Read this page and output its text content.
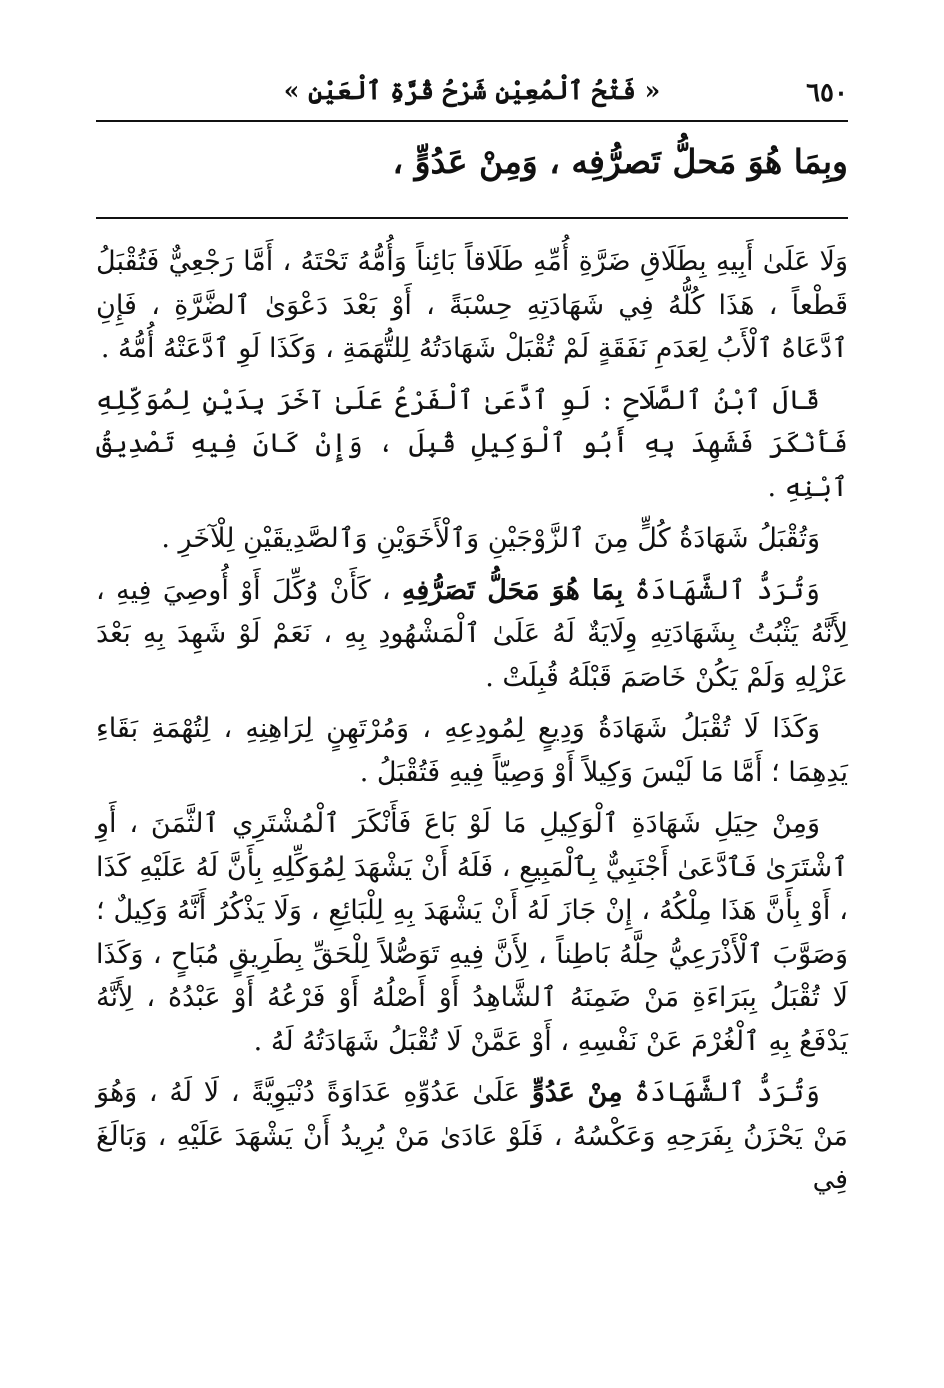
٦٥٠
« فَتْحُ ٱلْمُعِيْنِ شَرْحُ قُرَّةِ ٱلْعَيْنِ »
وبِمَا هُوَ مَحلُّ تَصرُّفِه ، وَمِنْ عَدُوٍّ ،

وَلَا عَلَىٰ أَبِيهِ بِطَلَاقِ ضَرَّةِ أُمِّهِ طَلَاقاً بَائِناً وَأُمُّهُ تَحْتَهُ ، أَمَّا رَجْعِيٌّ فَتُقْبَلُ قَطْعاً ، هَذَا كُلُّهُ فِي شَهَادَتِهِ حِسْبَةً ، أَوْ بَعْدَ دَعْوَىٰ ٱلضَّرَّةِ ، فَإِنِ ٱدَّعَاهُ ٱلْأَبُ لِعَدَمِ نَفَقَةٍ لَمْ تُقْبَلْ شَهَادَتُهُ لِلتُّهَمَةِ ، وَكَذَا لَوِ ٱدَّعَتْهُ أُمُّهُ .

قَالَ ٱبْنُ ٱلصَّلَاحِ : لَوِ ٱدَّعَىٰ ٱلْفَرْعُ عَلَىٰ آخَرَ بِدَيْنٍ لِمُوَكِّلِهِ فَأَنْكَرَ فَشَهِدَ بِهِ أَبُو ٱلْوَكِيلِ قُبِلَ ، وَإِنْ كَانَ فِيهِ تَصْدِيقُ ٱبْنِهِ .

وَتُقْبَلُ شَهَادَةُ كُلٍّ مِنَ ٱلزَّوْجَيْنِ وَٱلْأَخَوَيْنِ وَٱلصَّدِيقَيْنِ لِلْآخَرِ .

وَتُرَدُّ ٱلشَّهَادَةُ بِمَا هُوَ مَحَلُّ تَصَرُّفِهِ ، كَأَنْ وُكِّلَ أَوْ أُوصِيَ فِيهِ ، لِأَنَّهُ يَثْبُتُ بِشَهَادَتِهِ وِلَايَةٌ لَهُ عَلَىٰ ٱلْمَشْهُودِ بِهِ ، نَعَمْ لَوْ شَهِدَ بِهِ بَعْدَ عَزْلِهِ وَلَمْ يَكُنْ خَاصَمَ قَبْلَهُ قُبِلَتْ .

وَكَذَا لَا تُقْبَلُ شَهَادَةُ وَدِيعٍ لِمُودِعِهِ ، وَمُرْتَهِنٍ لِرَاهِنِهِ ، لِتُهْمَةِ بَقَاءِ يَدِهِمَا ؛ أَمَّا مَا لَيْسَ وَكِيلاً أَوْ وَصِيّاً فِيهِ فَتُقْبَلُ .

وَمِنْ حِيَلِ شَهَادَةِ ٱلْوَكِيلِ مَا لَوْ بَاعَ فَأَنْكَرَ ٱلْمُشْتَرِي ٱلثَّمَنَ ، أَوِ ٱشْتَرَىٰ فَٱدَّعَىٰ أَجْنَبِيٌّ بِٱلْمَبِيعِ ، فَلَهُ أَنْ يَشْهَدَ لِمُوَكِّلِهِ بِأَنَّ لَهُ عَلَيْهِ كَذَا ، أَوْ بِأَنَّ هَذَا مِلْكُهُ ، إِنْ جَازَ لَهُ أَنْ يَشْهَدَ بِهِ لِلْبَائِعِ ، وَلَا يَذْكُرُ أَنَّهُ وَكِيلٌ ؛ وَصَوَّبَ ٱلْأَذْرَعِيُّ حِلَّهُ بَاطِناً ، لِأَنَّ فِيهِ تَوَصُّلاً لِلْحَقِّ بِطَرِيقٍ مُبَاحٍ ، وَكَذَا لَا تُقْبَلُ بِبَرَاءَةِ مَنْ ضَمِنَهُ ٱلشَّاهِدُ أَوْ أَصْلُهُ أَوْ فَرْعُهُ أَوْ عَبْدُهُ ، لِأَنَّهُ يَدْفَعُ بِهِ ٱلْغُرْمَ عَنْ نَفْسِهِ ، أَوْ عَمَّنْ لَا تُقْبَلُ شَهَادَتُهُ لَهُ .

وَتُرَدُّ ٱلشَّهَادَةُ مِنْ عَدُوٍّ عَلَىٰ عَدُوِّهِ عَدَاوَةً دُنْيَوِيَّةً ، لَا لَهُ ، وَهُوَ مَنْ يَحْزَنُ بِفَرَحِهِ وَعَكْسُهُ ، فَلَوْ عَادَىٰ مَنْ يُرِيدُ أَنْ يَشْهَدَ عَلَيْهِ ، وَبَالَغَ فِي
